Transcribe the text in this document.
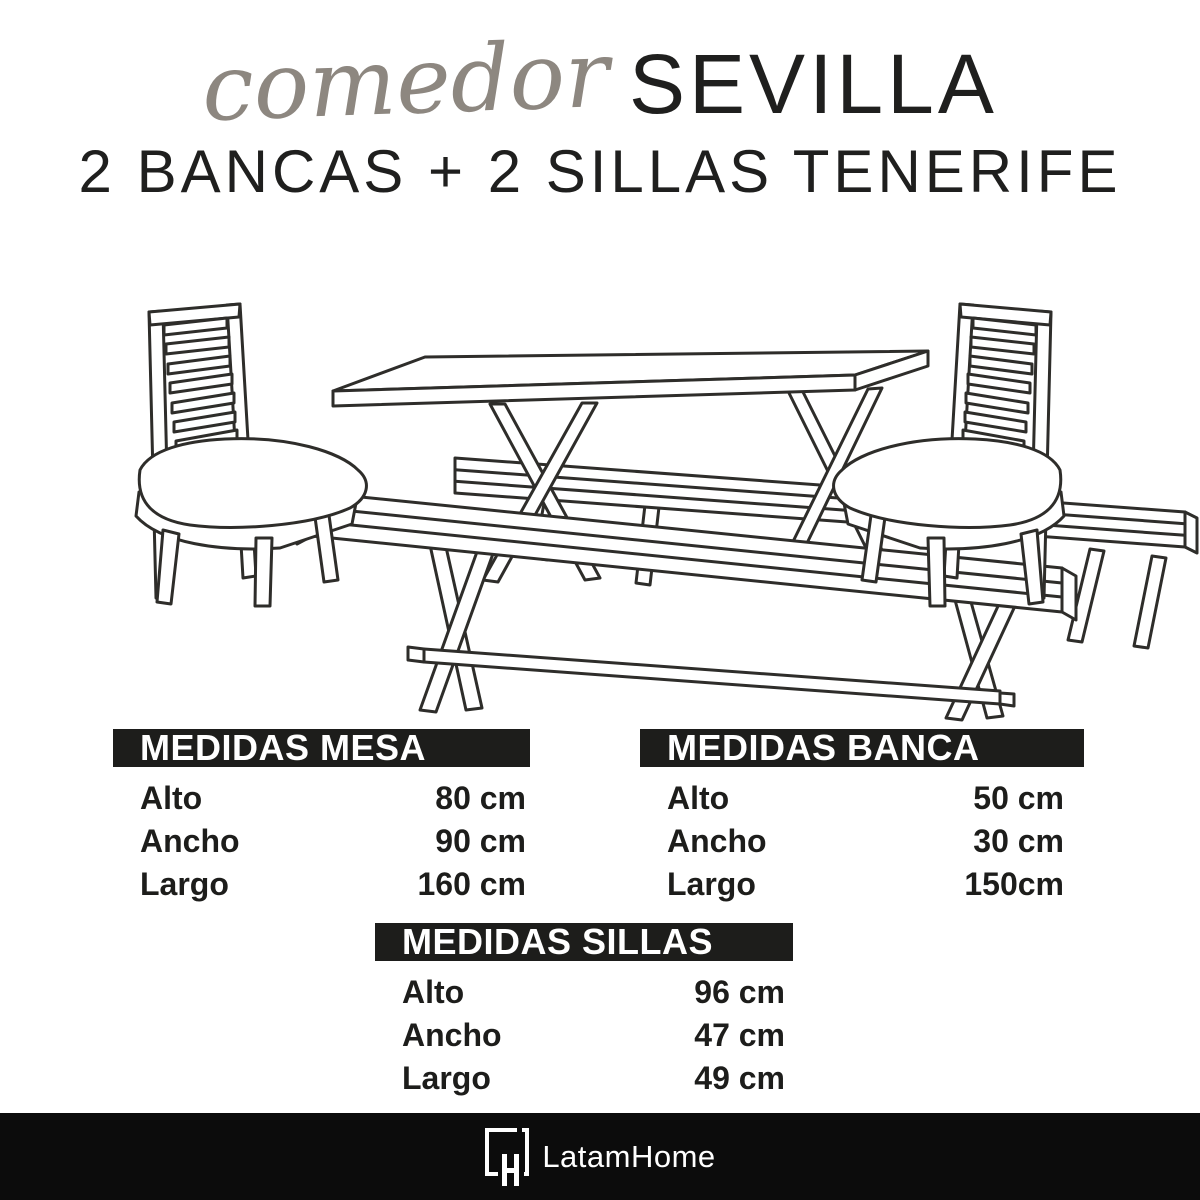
comedor SEVILLA
2 BANCAS + 2 SILLAS TENERIFE
MEDIDAS MESA
Alto	80 cm
Ancho	90 cm
Largo	160 cm
MEDIDAS BANCA
Alto	50 cm
Ancho	30 cm
Largo	150cm
MEDIDAS SILLAS
Alto	96 cm
Ancho	47 cm
Largo	49 cm
LatamHome
